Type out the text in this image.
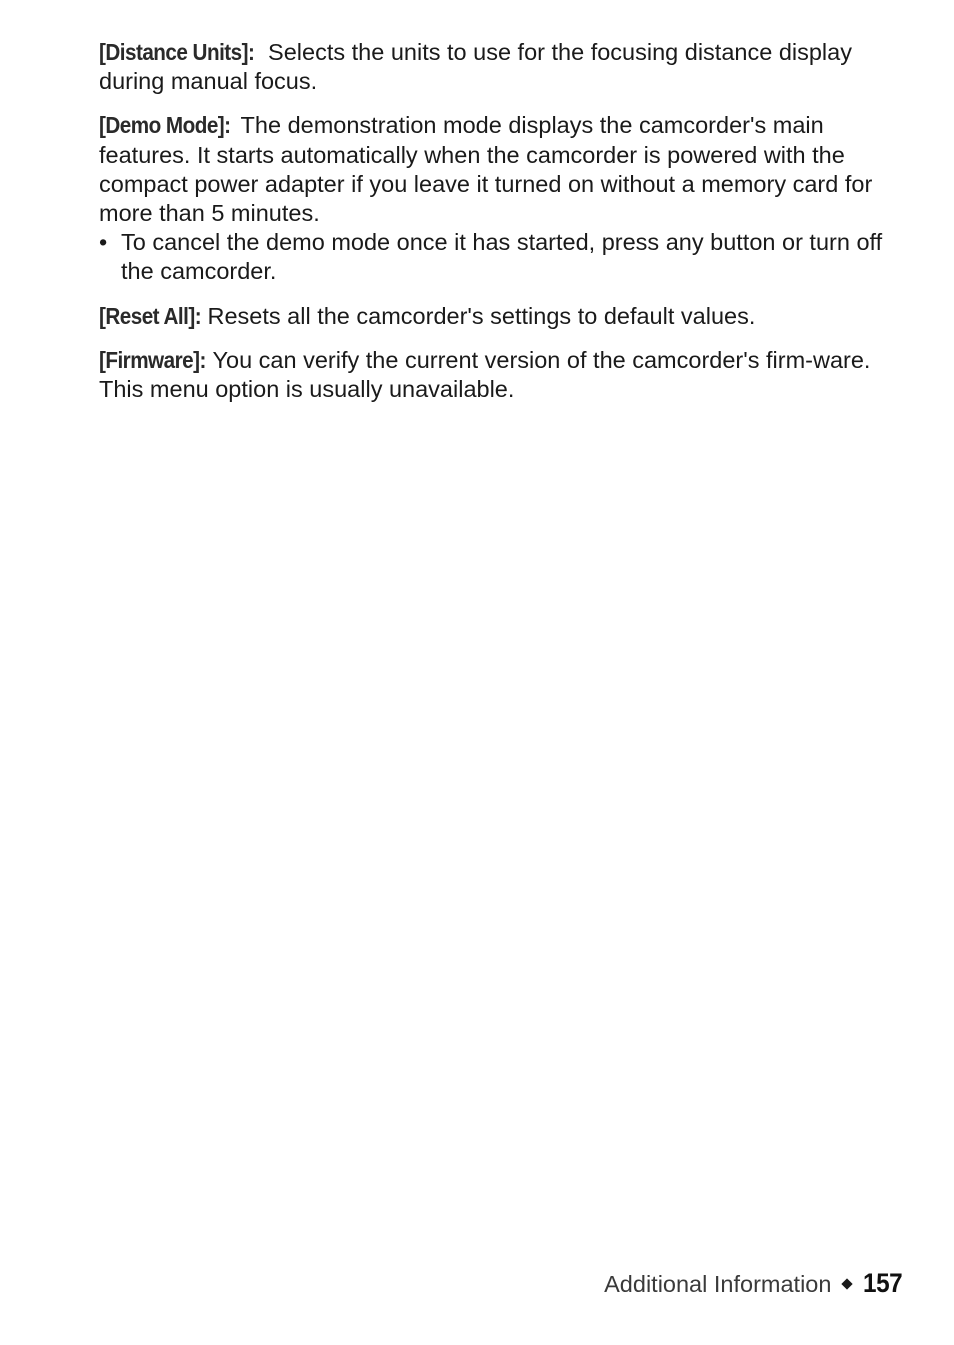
[Distance Units]: Selects the units to use for the focusing distance display during manual focus.

[Demo Mode]: The demonstration mode displays the camcorder's main features. It starts automatically when the camcorder is powered with the compact power adapter if you leave it turned on without a memory card for more than 5 minutes.

• To cancel the demo mode once it has started, press any button or turn off the camcorder.

[Reset All]: Resets all the camcorder's settings to default values.

[Firmware]: You can verify the current version of the camcorder's firm-ware. This menu option is usually unavailable.

Additional Information 157
